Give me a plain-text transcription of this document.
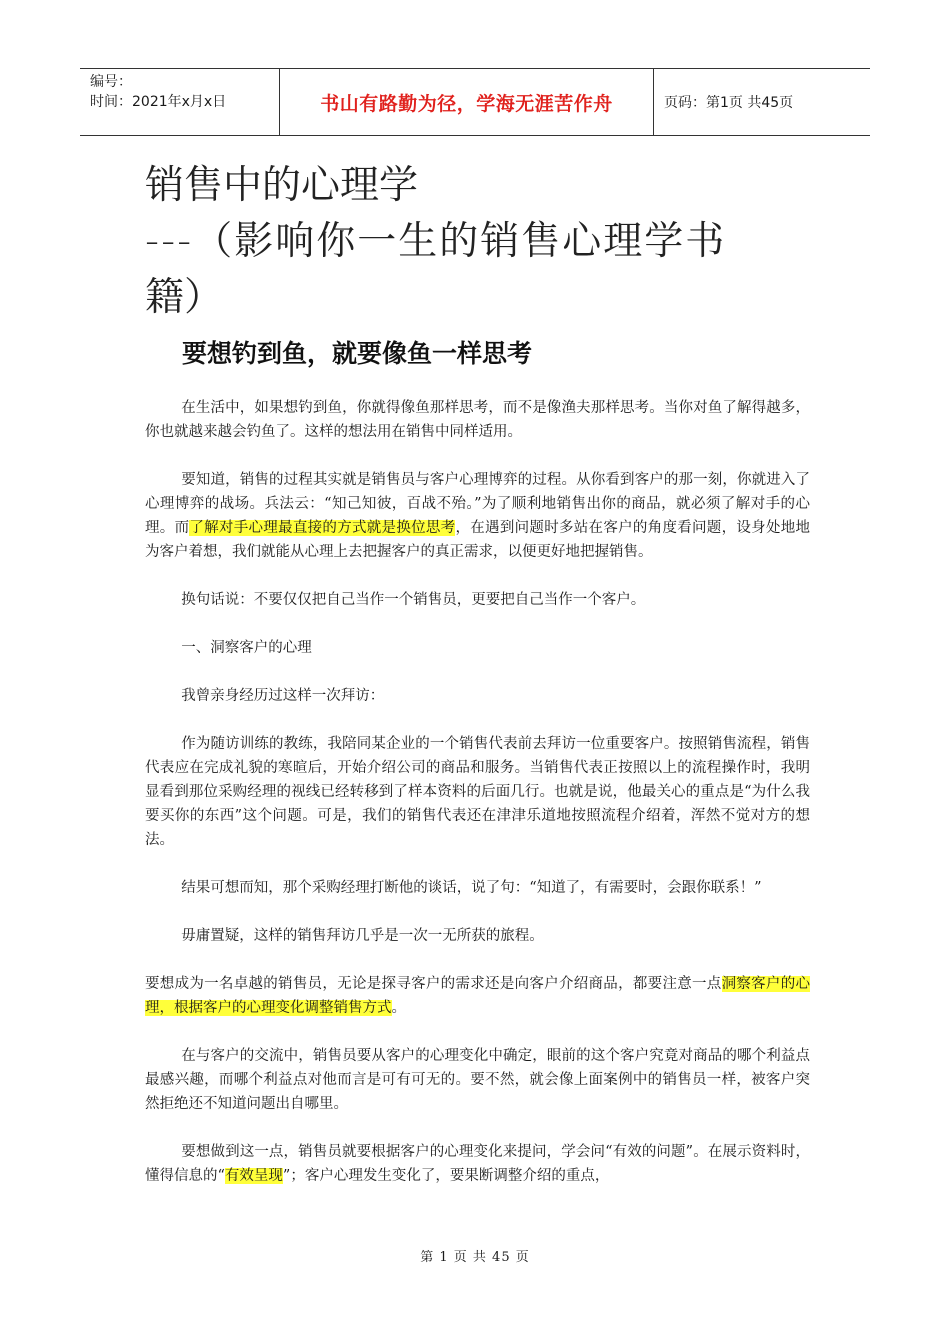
编号：
时间：2021年x月x日	书山有路勤为径，学海无涯苦作舟	页码：第1页 共45页
销售中的心理学
---（影响你一生的销售心理学书
籍）
要想钓到鱼，就要像鱼一样思考

在生活中，如果想钓到鱼，你就得像鱼那样思考，而不是像渔夫那样思考。当你对鱼了解得越多，你也就越来越会钓鱼了。这样的想法用在销售中同样适用。

要知道，销售的过程其实就是销售员与客户心理博弈的过程。从你看到客户的那一刻，你就进入了心理博弈的战场。兵法云：“知己知彼，百战不殆。”为了顺利地销售出你的商品，就必须了解对手的心理。而了解对手心理最直接的方式就是换位思考，在遇到问题时多站在客户的角度看问题，设身处地地为客户着想，我们就能从心理上去把握客户的真正需求，以便更好地把握销售。

换句话说：不要仅仅把自己当作一个销售员，更要把自己当作一个客户。

一、洞察客户的心理

我曾亲身经历过这样一次拜访：

作为随访训练的教练，我陪同某企业的一个销售代表前去拜访一位重要客户。按照销售流程，销售代表应在完成礼貌的寒暄后，开始介绍公司的商品和服务。当销售代表正按照以上的流程操作时，我明显看到那位采购经理的视线已经转移到了样本资料的后面几行。也就是说，他最关心的重点是“为什么我要买你的东西”这个问题。可是，我们的销售代表还在津津乐道地按照流程介绍着，浑然不觉对方的想法。

结果可想而知，那个采购经理打断他的谈话，说了句：“知道了，有需要时，会跟你联系！”

毋庸置疑，这样的销售拜访几乎是一次一无所获的旅程。

要想成为一名卓越的销售员，无论是探寻客户的需求还是向客户介绍商品，都要注意一点洞察客户的心理，根据客户的心理变化调整销售方式。

在与客户的交流中，销售员要从客户的心理变化中确定，眼前的这个客户究竟对商品的哪个利益点最感兴趣，而哪个利益点对他而言是可有可无的。要不然，就会像上面案例中的销售员一样，被客户突然拒绝还不知道问题出自哪里。

要想做到这一点，销售员就要根据客户的心理变化来提问，学会问“有效的问题”。在展示资料时，懂得信息的“有效呈现”；客户心理发生变化了，要果断调整介绍的重点，

第 1 页 共 45 页
